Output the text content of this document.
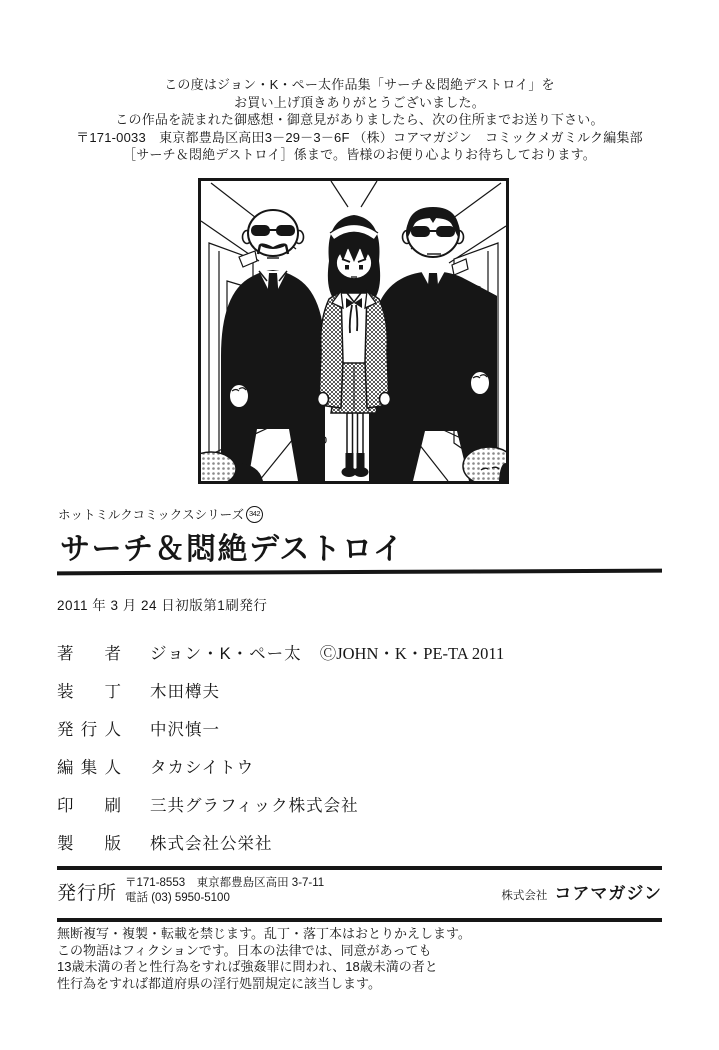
この度はジョン・K・ペー太作品集「サーチ＆悶絶デストロイ」を
お買い上げ頂きありがとうございました。
この作品を読まれた御感想・御意見がありましたら、次の住所までお送り下さい。
〒171-0033　東京都豊島区高田3－29－3－6F （株）コアマガジン　コミックメガミルク編集部
［サーチ＆悶絶デストロイ］係まで。皆様のお便り心よりお待ちしております。
ホットミルクコミックスシリーズ 342
サーチ＆悶絶デストロイ
2011 年 3 月 24 日初版第1刷発行
著者 ジョン・K・ペー太 ⒸJOHN・K・PE-TA 2011
装丁 木田樽夫
発行人 中沢慎一
編集人 タカシイトウ
印刷 三共グラフィック株式会社
製版 株式会社公栄社
発行所 〒171-8553　東京都豊島区高田 3-7-11
電話 (03) 5950-5100	株式会社 コアマガジン
無断複写・複製・転載を禁じます。乱丁・落丁本はおとりかえします。
この物語はフィクションです。日本の法律では、同意があっても
13歳未満の者と性行為をすれば強姦罪に問われ、18歳未満の者と
性行為をすれば都道府県の淫行処罰規定に該当します。
